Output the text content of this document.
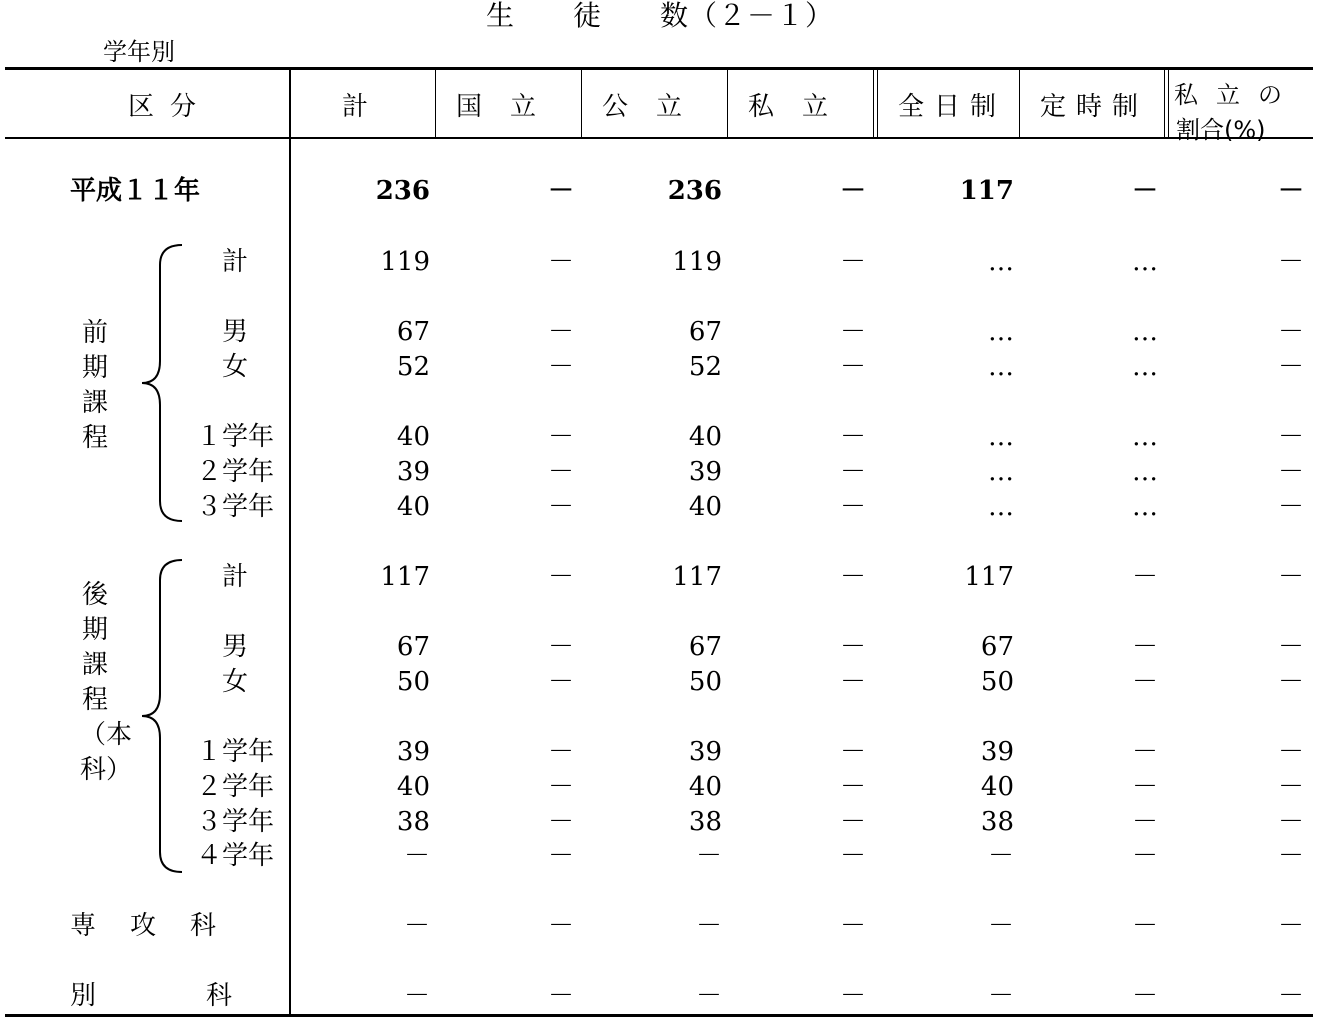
生　　徒　　数（２－１）
学年別
区分	計	国立	公立	私立	全日制	定時制	私立の
割合(%)
前期課程
後期課程（本科）
平成１１年	236	－	236	－	117	－	－
計	119	－	119	－	…	…	－
男	67	－	67	－	…	…	－
女	52	－	52	－	…	…	－
１学年	40	－	40	－	…	…	－
２学年	39	－	39	－	…	…	－
３学年	40	－	40	－	…	…	－
計	117	－	117	－	117	－	－
男	67	－	67	－	67	－	－
女	50	－	50	－	50	－	－
１学年	39	－	39	－	39	－	－
２学年	40	－	40	－	40	－	－
３学年	38	－	38	－	38	－	－
４学年	－	－	－	－	－	－	－
専攻科	－	－	－	－	－	－	－
別科	－	－	－	－	－	－	－
